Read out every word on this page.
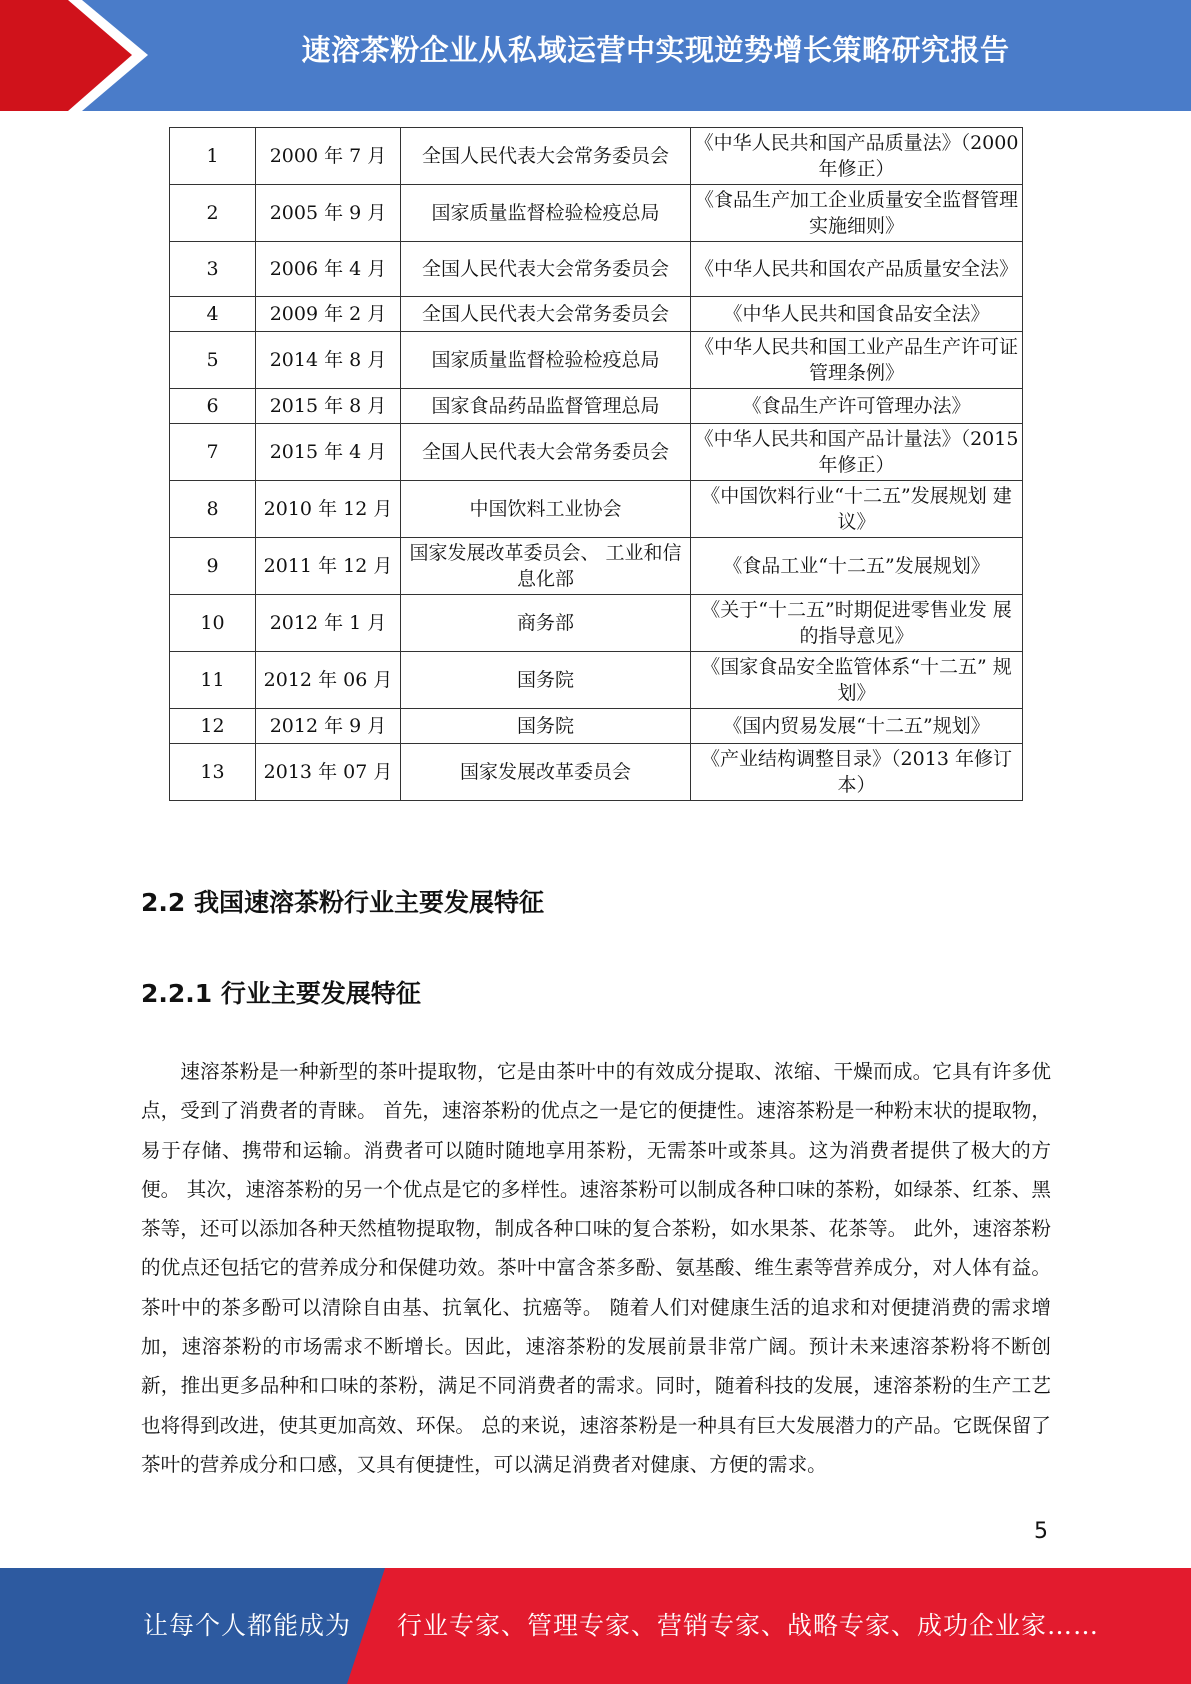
速溶茶粉企业从私域运营中实现逆势增长策略研究报告
1	2000 年 7 月	全国人民代表大会常务委员会	《中华人民共和国产品质量法》（2000 年修正）
2	2005 年 9 月	国家质量监督检验检疫总局	《食品生产加工企业质量安全监督管理实施细则》
3	2006 年 4 月	全国人民代表大会常务委员会	《中华人民共和国农产品质量安全法》
4	2009 年 2 月	全国人民代表大会常务委员会	《中华人民共和国食品安全法》
5	2014 年 8 月	国家质量监督检验检疫总局	《中华人民共和国工业产品生产许可证管理条例》
6	2015 年 8 月	国家食品药品监督管理总局	《食品生产许可管理办法》
7	2015 年 4 月	全国人民代表大会常务委员会	《中华人民共和国产品计量法》（2015 年修正）
8	2010 年 12 月	中国饮料工业协会	《中国饮料行业“十二五”发展规划 建议》
9	2011 年 12 月	国家发展改革委员会、 工业和信息化部	《食品工业“十二五”发展规划》
10	2012 年 1 月	商务部	《关于“十二五”时期促进零售业发 展的指导意见》
11	2012 年 06 月	国务院	《国家食品安全监管体系“十二五” 规划》
12	2012 年 9 月	国务院	《国内贸易发展“十二五”规划》
13	2013 年 07 月	国家发展改革委员会	《产业结构调整目录》（2013 年修订本）
2.2 我国速溶茶粉行业主要发展特征
2.2.1 行业主要发展特征

速溶茶粉是一种新型的茶叶提取物，它是由茶叶中的有效成分提取、浓缩、干燥而成。它具有许多优点，受到了消费者的青睐。 首先，速溶茶粉的优点之一是它的便捷性。速溶茶粉是一种粉末状的提取物，易于存储、携带和运输。消费者可以随时随地享用茶粉，无需茶叶或茶具。这为消费者提供了极大的方便。 其次，速溶茶粉的另一个优点是它的多样性。速溶茶粉可以制成各种口味的茶粉，如绿茶、红茶、黑茶等，还可以添加各种天然植物提取物，制成各种口味的复合茶粉，如水果茶、花茶等。 此外，速溶茶粉的优点还包括它的营养成分和保健功效。茶叶中富含茶多酚、氨基酸、维生素等营养成分，对人体有益。茶叶中的茶多酚可以清除自由基、抗氧化、抗癌等。 随着人们对健康生活的追求和对便捷消费的需求增加，速溶茶粉的市场需求不断增长。因此，速溶茶粉的发展前景非常广阔。预计未来速溶茶粉将不断创新，推出更多品种和口味的茶粉，满足不同消费者的需求。同时，随着科技的发展，速溶茶粉的生产工艺也将得到改进，使其更加高效、环保。 总的来说，速溶茶粉是一种具有巨大发展潜力的产品。它既保留了茶叶的营养成分和口感，又具有便捷性，可以满足消费者对健康、方便的需求。

5
让每个人都能成为 行业专家、管理专家、营销专家、战略专家、成功企业家……
